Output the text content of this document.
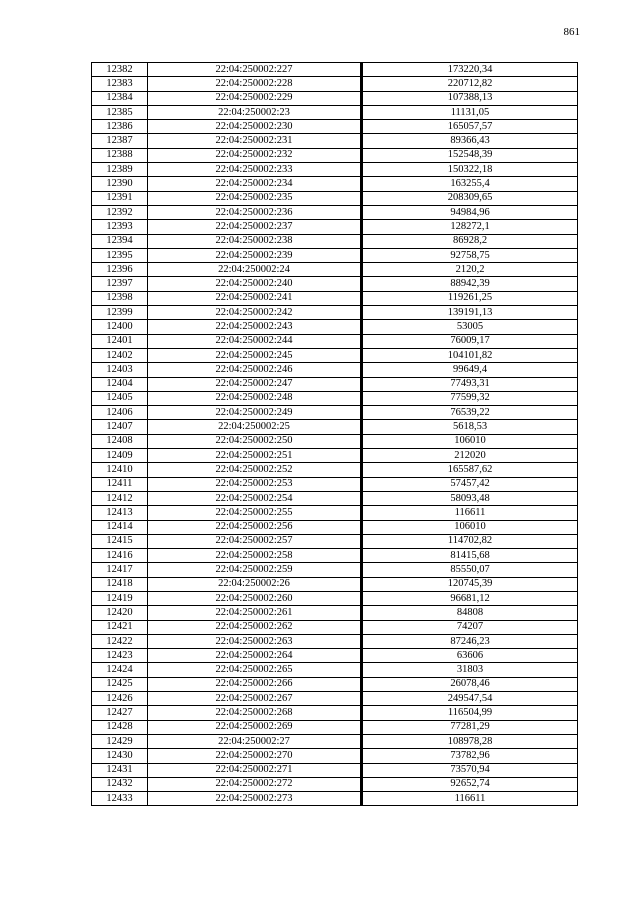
861
12382	22:04:250002:227	173220,34
12383	22:04:250002:228	220712,82
12384	22:04:250002:229	107388,13
12385	22:04:250002:23	11131,05
12386	22:04:250002:230	165057,57
12387	22:04:250002:231	89366,43
12388	22:04:250002:232	152548,39
12389	22:04:250002:233	150322,18
12390	22:04:250002:234	163255,4
12391	22:04:250002:235	208309,65
12392	22:04:250002:236	94984,96
12393	22:04:250002:237	128272,1
12394	22:04:250002:238	86928,2
12395	22:04:250002:239	92758,75
12396	22:04:250002:24	2120,2
12397	22:04:250002:240	88942,39
12398	22:04:250002:241	119261,25
12399	22:04:250002:242	139191,13
12400	22:04:250002:243	53005
12401	22:04:250002:244	76009,17
12402	22:04:250002:245	104101,82
12403	22:04:250002:246	99649,4
12404	22:04:250002:247	77493,31
12405	22:04:250002:248	77599,32
12406	22:04:250002:249	76539,22
12407	22:04:250002:25	5618,53
12408	22:04:250002:250	106010
12409	22:04:250002:251	212020
12410	22:04:250002:252	165587,62
12411	22:04:250002:253	57457,42
12412	22:04:250002:254	58093,48
12413	22:04:250002:255	116611
12414	22:04:250002:256	106010
12415	22:04:250002:257	114702,82
12416	22:04:250002:258	81415,68
12417	22:04:250002:259	85550,07
12418	22:04:250002:26	120745,39
12419	22:04:250002:260	96681,12
12420	22:04:250002:261	84808
12421	22:04:250002:262	74207
12422	22:04:250002:263	87246,23
12423	22:04:250002:264	63606
12424	22:04:250002:265	31803
12425	22:04:250002:266	26078,46
12426	22:04:250002:267	249547,54
12427	22:04:250002:268	116504,99
12428	22:04:250002:269	77281,29
12429	22:04:250002:27	108978,28
12430	22:04:250002:270	73782,96
12431	22:04:250002:271	73570,94
12432	22:04:250002:272	92652,74
12433	22:04:250002:273	116611
